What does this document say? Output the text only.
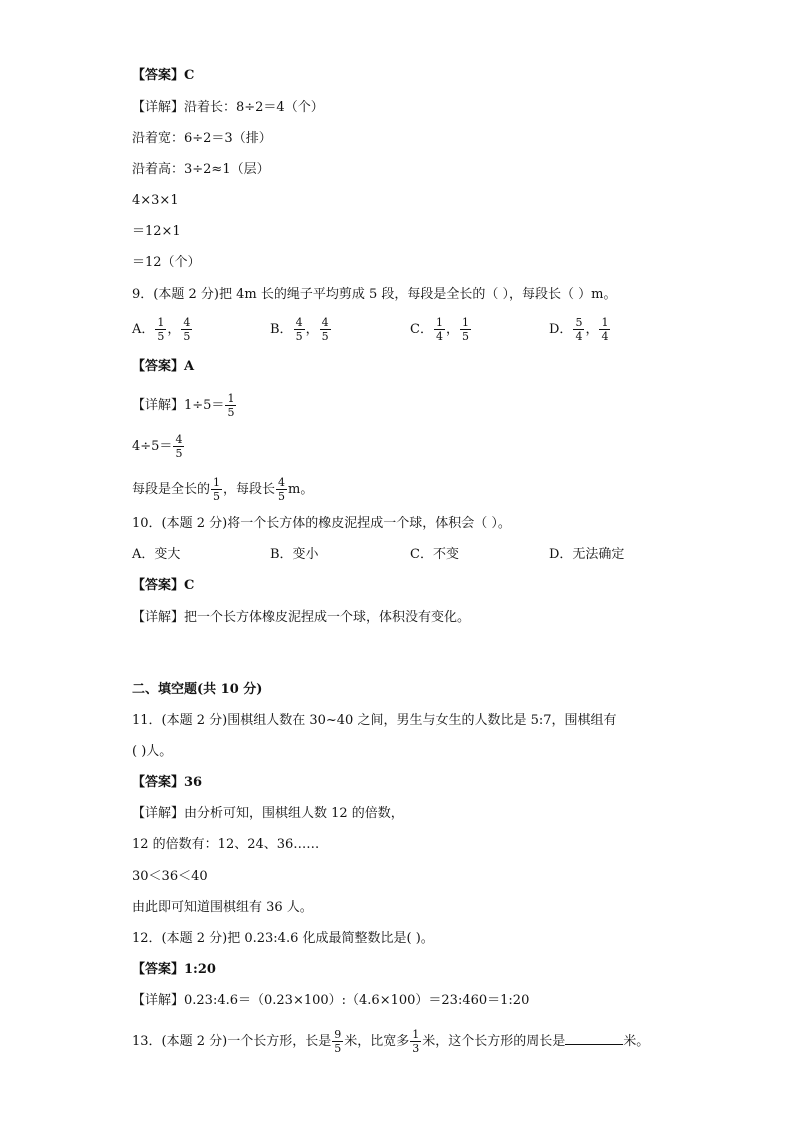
【答案】C
【详解】沿着长：8÷2＝4（个）
沿着宽：6÷2＝3（排）
沿着高：3÷2≈1（层）
4×3×1
＝12×1
＝12（个）
9．(本题 2 分)把 4m 长的绳子平均剪成 5 段，每段是全长的（ ），每段长（ ）m。
A． $\frac{1}{5}$ ， $\frac{4}{5}$	B． $\frac{4}{5}$ ， $\frac{4}{5}$	C． $\frac{1}{4}$ ， $\frac{1}{5}$	D． $\frac{5}{4}$ ， $\frac{1}{4}$
【答案】A
【详解】$1\div 5= \frac{1}{5}$
$4\div 5= \frac{4}{5}$
每段是全长的 $\frac{1}{5}$ ，每段长 $\frac{4}{5}$ m。
10．(本题 2 分)将一个长方体的橡皮泥捏成一个球，体积会（ ）。
A．变大	B．变小	C．不变	D．无法确定
【答案】C
【详解】把一个长方体橡皮泥捏成一个球，体积没有变化。
二、填空题(共 10 分)
11．(本题 2 分)围棋组人数在 30~40 之间，男生与女生的人数比是 5:7，围棋组有
( )人。
【答案】36
【详解】由分析可知，围棋组人数 12 的倍数，
12 的倍数有：12、24、36……
30＜36＜40
由此即可知道围棋组有 36 人。
12．(本题 2 分)把 0.23:4.6 化成最简整数比是( )。
【答案】1:20
【详解】0.23:4.6＝（0.23×100）:（4.6×100）＝23:460＝1:20
13．(本题 2 分)一个长方形，长是 $\frac{9}{5}$ 米，比宽多 $\frac{1}{3}$ 米，这个长方形的周长是	米。
